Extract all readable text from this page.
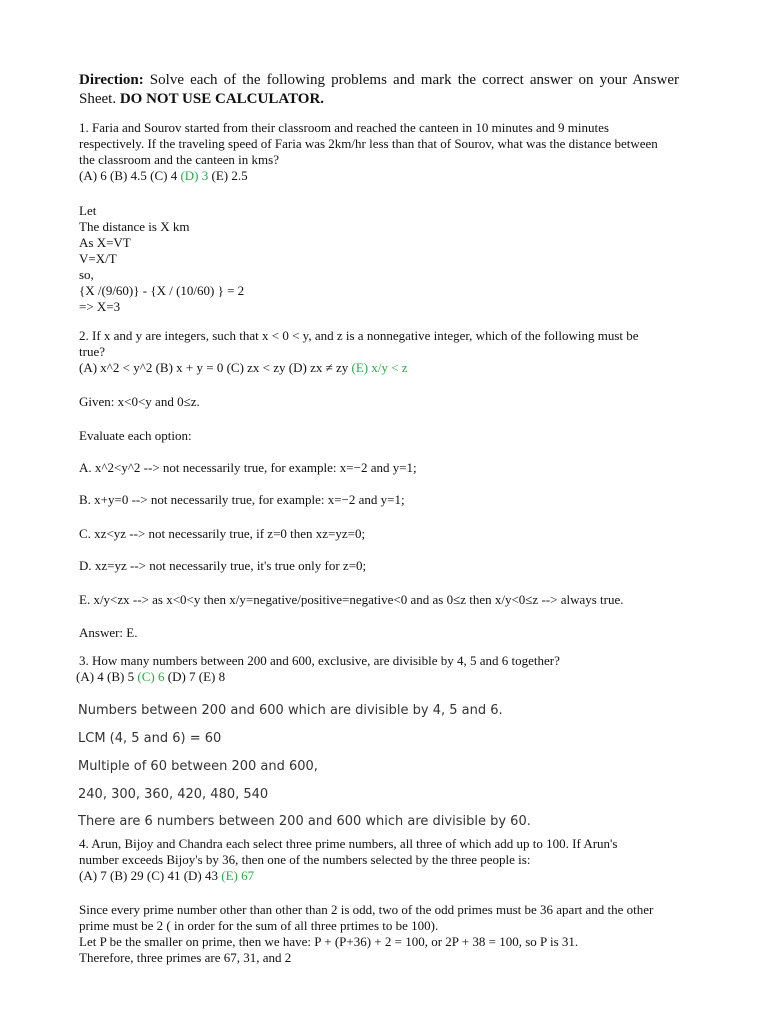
Direction: Solve each of the following problems and mark the correct answer on your Answer Sheet. DO NOT USE CALCULATOR.

1. Faria and Sourov started from their classroom and reached the canteen in 10 minutes and 9 minutes

respectively. If the traveling speed of Faria was 2km/hr less than that of Sourov, what was the distance between

the classroom and the canteen in kms?

(A) 6 (B) 4.5 (C) 4 (D) 3 (E) 2.5

Let

The distance is X km

As X=VT

V=X/T

so,

{X /(9/60)} - {X / (10/60) } = 2

=> X=3

2. If x and y are integers, such that x < 0 < y, and z is a nonnegative integer, which of the following must be

true?

(A) x^2 < y^2 (B) x + y = 0 (C) zx < zy (D) zx ≠ zy (E) x/y < z

Given: x<0<y and 0≤z.

Evaluate each option:

A. x^2<y^2 --> not necessarily true, for example: x=−2 and y=1;

B. x+y=0 --> not necessarily true, for example: x=−2 and y=1;

C. xz<yz --> not necessarily true, if z=0 then xz=yz=0;

D. xz=yz --> not necessarily true, it's true only for z=0;

E. x/y<zx --> as x<0<y then x/y=negative/positive=negative<0 and as 0≤z then x/y<0≤z --> always true.

Answer: E.

3. How many numbers between 200 and 600, exclusive, are divisible by 4, 5 and 6 together?

(A) 4 (B) 5 (C) 6 (D) 7 (E) 8

Numbers between 200 and 600 which are divisible by 4, 5 and 6.

LCM (4, 5 and 6) = 60

Multiple of 60 between 200 and 600,

240, 300, 360, 420, 480, 540

There are 6 numbers between 200 and 600 which are divisible by 60.

4. Arun, Bijoy and Chandra each select three prime numbers, all three of which add up to 100. If Arun's

number exceeds Bijoy's by 36, then one of the numbers selected by the three people is:

(A) 7 (B) 29 (C) 41 (D) 43 (E) 67

Since every prime number other than other than 2 is odd, two of the odd primes must be 36 apart and the other

prime must be 2 ( in order for the sum of all three prtimes to be 100).

Let P be the smaller on prime, then we have: P + (P+36) + 2 = 100, or 2P + 38 = 100, so P is 31.

Therefore, three primes are 67, 31, and 2
